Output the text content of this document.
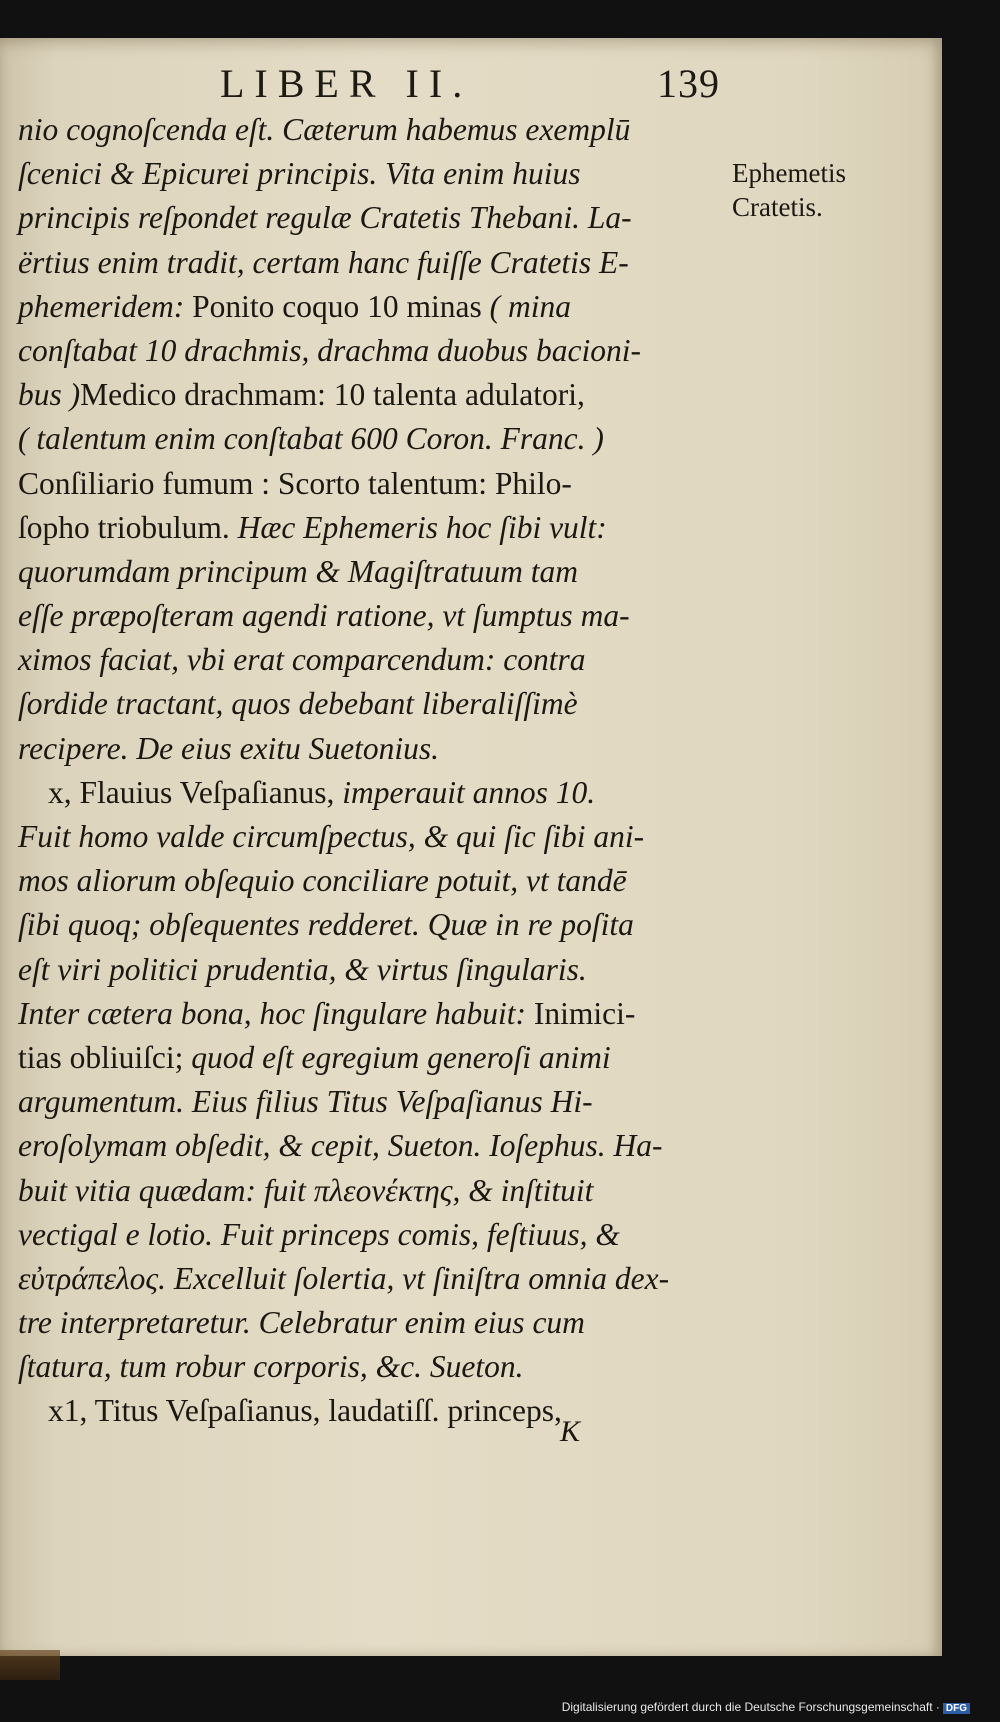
LIBER II.	139
nio cognoſcenda eſt. Cæterum habemus exemplū
ſcenici & Epicurei principis. Vita enim huius
principis reſpondet regulæ Cratetis Thebani. La-
ërtius enim tradit, certam hanc fuiſſe Cratetis E-
phemeridem: Ponito coquo 10 minas ( mina
conſtabat 10 drachmis, drachma duobus bacioni-
bus )Medico drachmam: 10 talenta adulatori,
( talentum enim conſtabat 600 Coron. Franc. )
Conſiliario fumum : Scorto talentum: Philo-
ſopho triobulum. Hæc Ephemeris hoc ſibi vult:
quorumdam principum & Magiſtratuum tam
eſſe præpoſteram agendi ratione, vt ſumptus ma-
ximos faciat, vbi erat comparcendum: contra
ſordide tractant, quos debebant liberaliſſimè
recipere. De eius exitu Suetonius.
x, Flauius Veſpaſianus, imperauit annos 10.
Fuit homo valde circumſpectus, & qui ſic ſibi ani-
mos aliorum obſequio conciliare potuit, vt tandē
ſibi quoq; obſequentes redderet. Quæ in re poſita
eſt viri politici prudentia, & virtus ſingularis.
Inter cætera bona, hoc ſingulare habuit: Inimici-
tias obliuiſci; quod eſt egregium generoſi animi
argumentum. Eius filius Titus Veſpaſianus Hi-
eroſolymam obſedit, & cepit, Sueton. Ioſephus. Ha-
buit vitia quædam: fuit πλεονέκτης, & inſtituit
vectigal e lotio. Fuit princeps comis, feſtiuus, &
εὐτράπελος. Excelluit ſolertia, vt ſiniſtra omnia dex-
tre interpretaretur. Celebratur enim eius cum
ſtatura, tum robur corporis, &c. Sueton.
x1, Titus Veſpaſianus, laudatiſſ. princeps,
Ephemetis
Cratetis.
K
Digitalisierung gefördert durch die Deutsche Forschungsgemeinschaft · DFG
